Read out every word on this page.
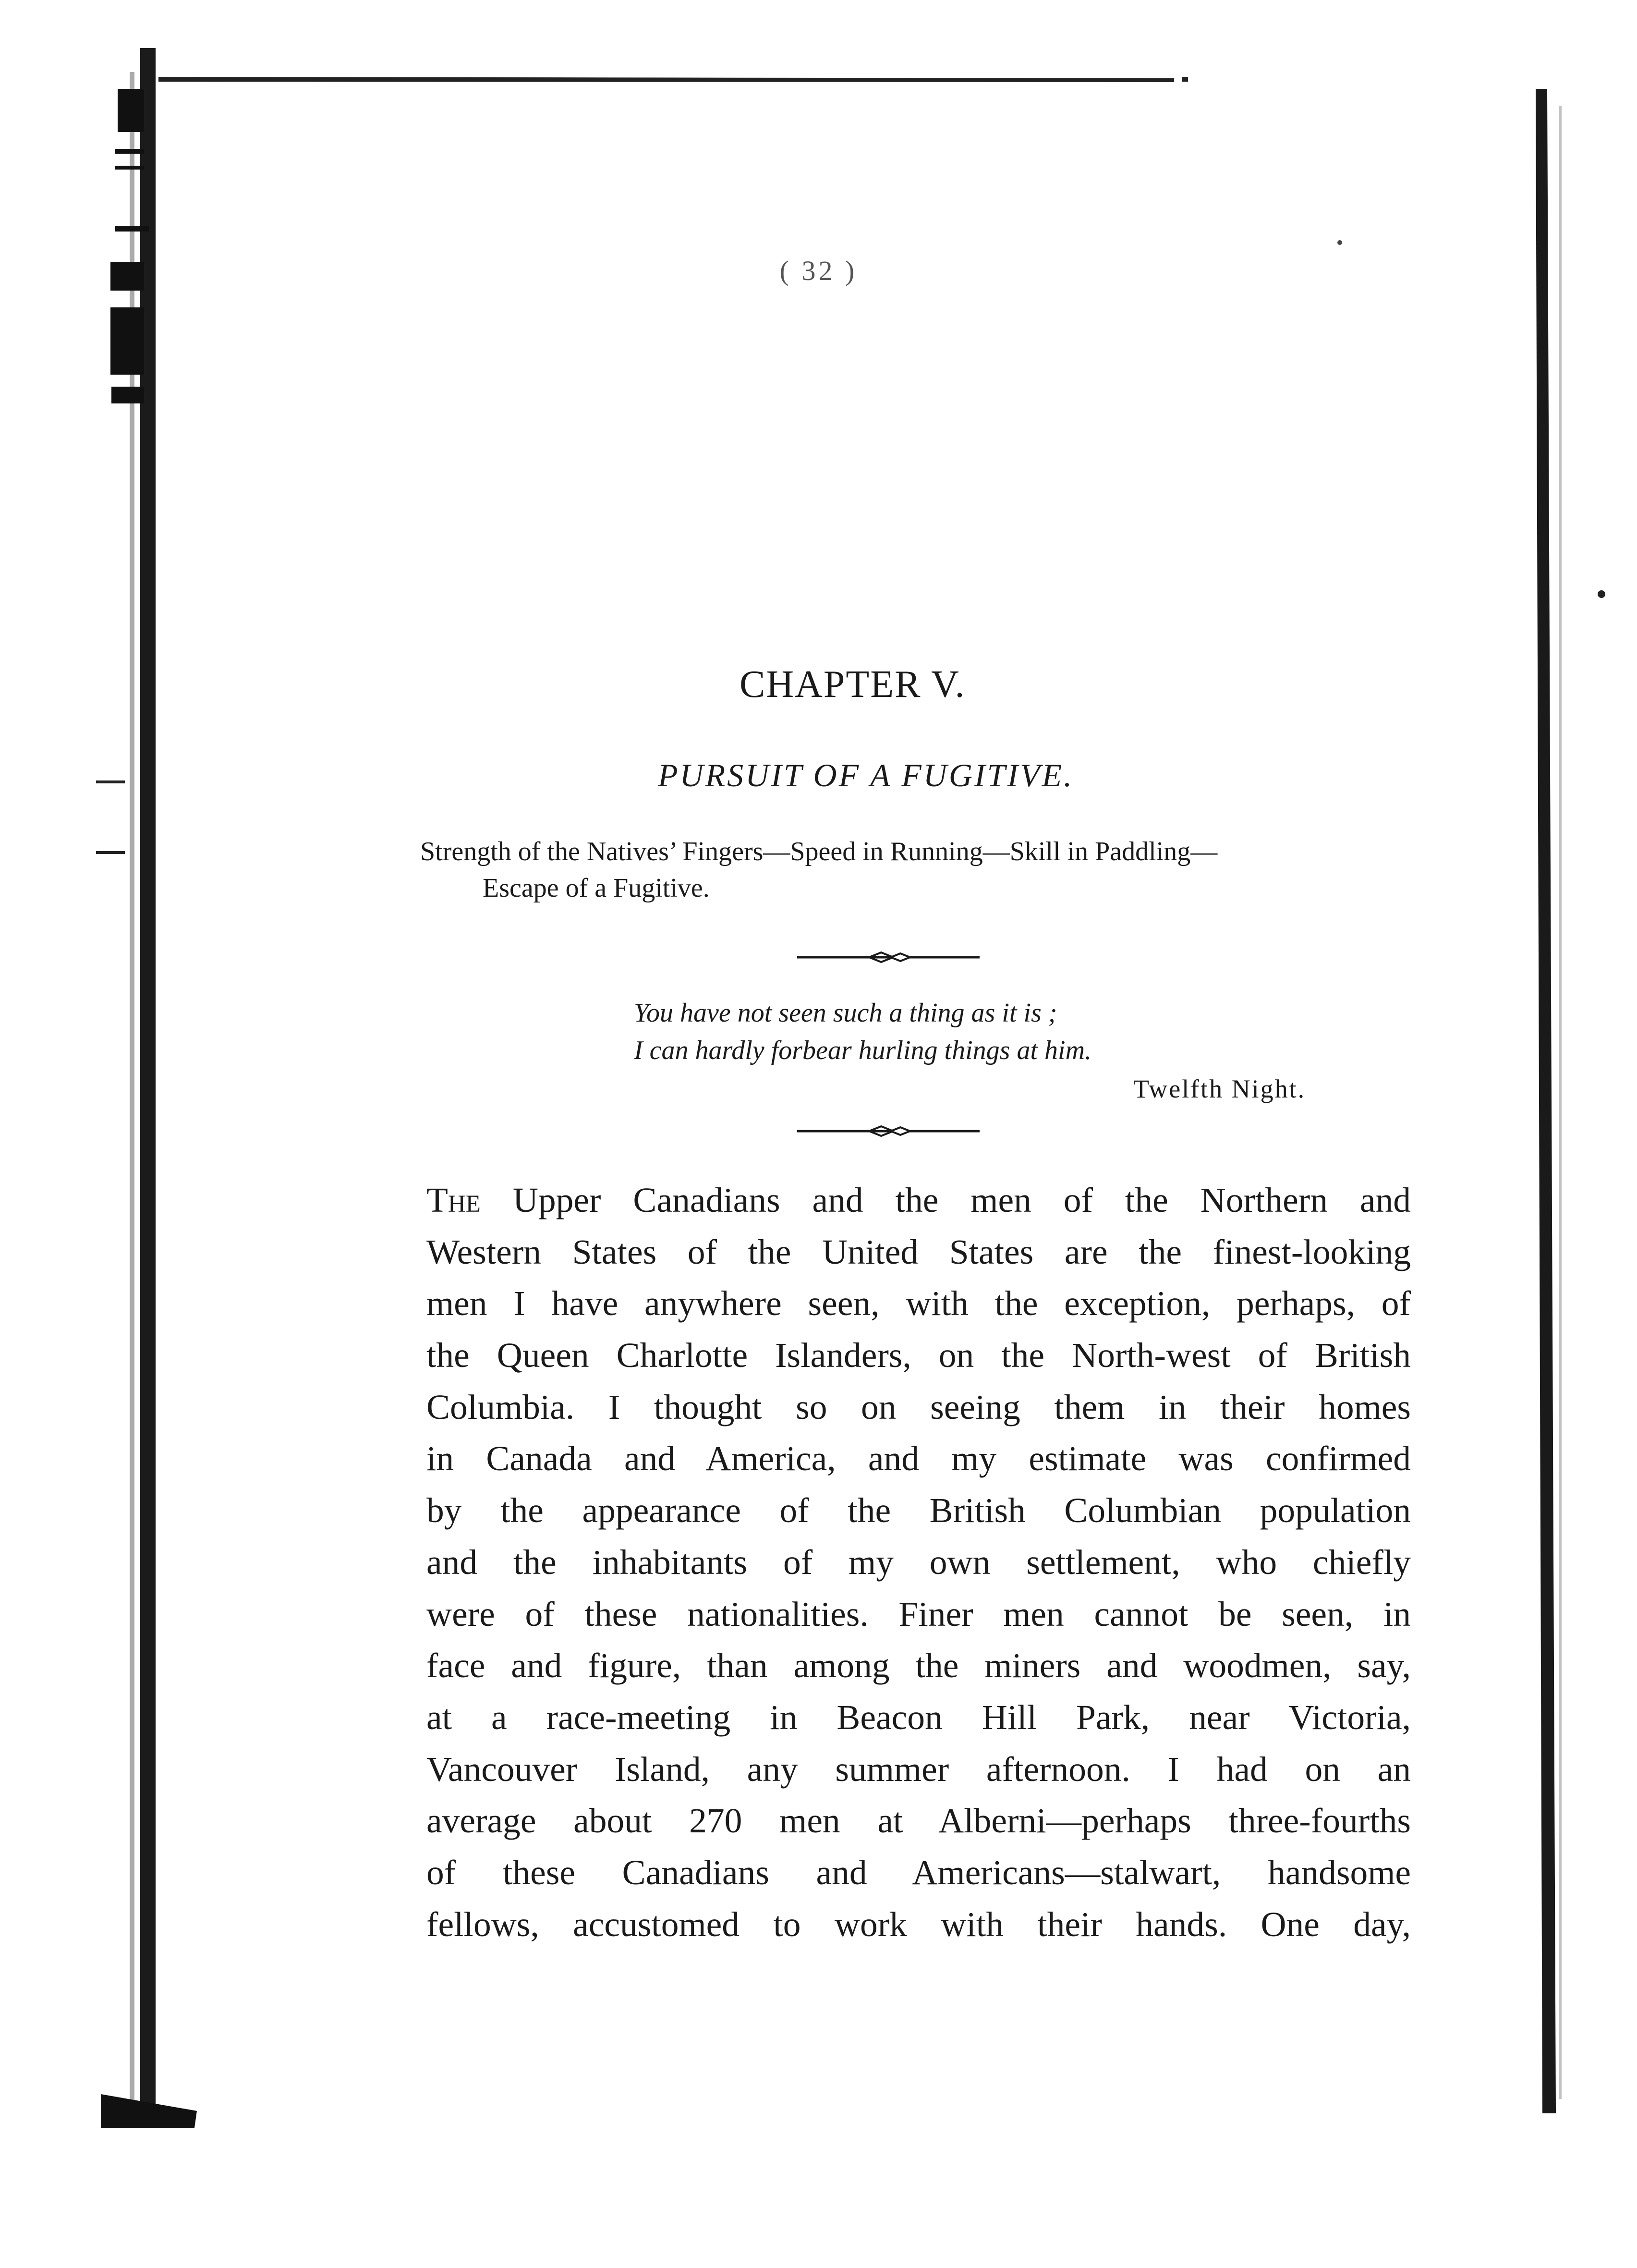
( 32 )
CHAPTER V.
PURSUIT OF A FUGITIVE.
Strength of the Natives’ Fingers—Speed in Running—Skill in Paddling—
Escape of a Fugitive.
You have not seen such a thing as it is ;
I can hardly forbear hurling things at him.
Twelfth Night.
The Upper Canadians and the men of the Northern and
Western States of the United States are the finest-looking
men I have anywhere seen, with the exception, perhaps, of
the Queen Charlotte Islanders, on the North-west of British
Columbia. I thought so on seeing them in their homes
in Canada and America, and my estimate was confirmed
by the appearance of the British Columbian population
and the inhabitants of my own settlement, who chiefly
were of these nationalities. Finer men cannot be seen, in
face and figure, than among the miners and woodmen, say,
at a race-meeting in Beacon Hill Park, near Victoria,
Vancouver Island, any summer afternoon. I had on an
average about 270 men at Alberni—perhaps three-fourths
of these Canadians and Americans—stalwart, handsome
fellows, accustomed to work with their hands. One day,
